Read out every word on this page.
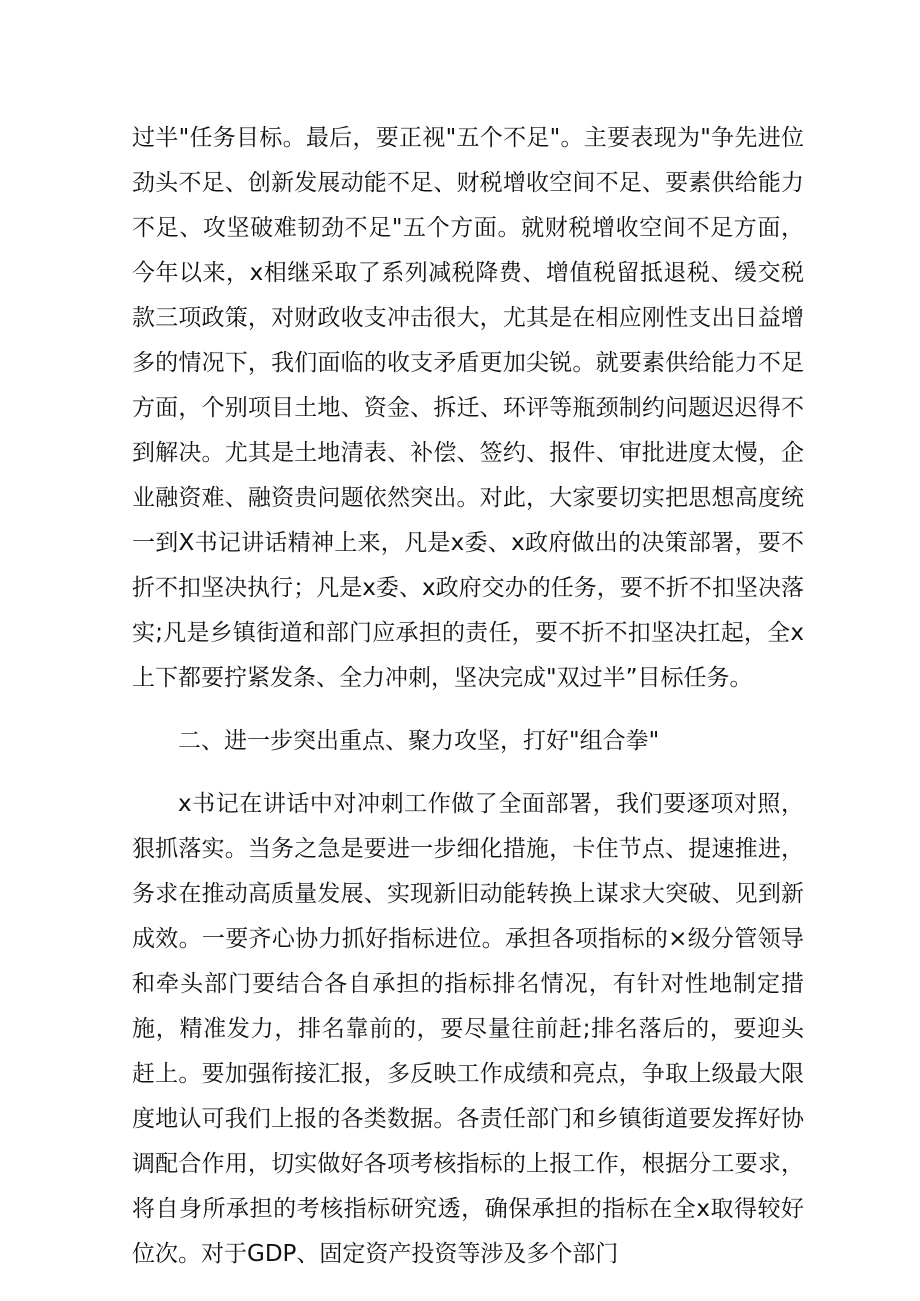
过半"任务目标。最后，要正视"五个不足"。主要表现为"争先进位劲头不足、创新发展动能不足、财税增收空间不足、要素供给能力不足、攻坚破难韧劲不足"五个方面。就财税增收空间不足方面，今年以来，x相继采取了系列减税降费、增值税留抵退税、缓交税款三项政策，对财政收支冲击很大，尤其是在相应刚性支出日益增多的情况下，我们面临的收支矛盾更加尖锐。就要素供给能力不足方面，个别项目土地、资金、拆迁、环评等瓶颈制约问题迟迟得不到解决。尤其是土地清表、补偿、签约、报件、审批进度太慢，企业融资难、融资贵问题依然突出。对此，大家要切实把思想高度统一到X书记讲话精神上来，凡是x委、x政府做出的决策部署，要不折不扣坚决执行；凡是x委、x政府交办的任务，要不折不扣坚决落实;凡是乡镇街道和部门应承担的责任，要不折不扣坚决扛起，全x上下都要拧紧发条、全力冲刺，坚决完成"双过半”目标任务。

二、进一步突出重点、聚力攻坚，打好"组合拳"

x书记在讲话中对冲刺工作做了全面部署，我们要逐项对照，狠抓落实。当务之急是要进一步细化措施，卡住节点、提速推进，务求在推动高质量发展、实现新旧动能转换上谋求大突破、见到新成效。一要齐心协力抓好指标进位。承担各项指标的×级分管领导和牵头部门要结合各自承担的指标排名情况，有针对性地制定措施，精准发力，排名靠前的，要尽量往前赶;排名落后的，要迎头赶上。要加强衔接汇报，多反映工作成绩和亮点，争取上级最大限度地认可我们上报的各类数据。各责任部门和乡镇街道要发挥好协调配合作用，切实做好各项考核指标的上报工作，根据分工要求，将自身所承担的考核指标研究透，确保承担的指标在全x取得较好位次。对于GDP、固定资产投资等涉及多个部门
